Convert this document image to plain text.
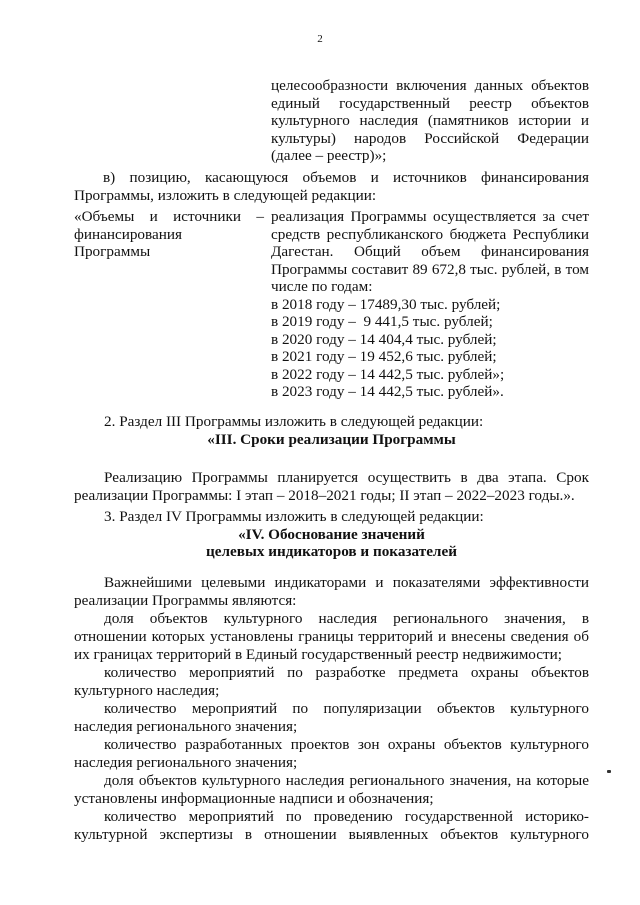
2
целесообразности включения данных объектов
единый государственный реестр объектов
культурного наследия (памятников истории и
культуры) народов Российской Федерации
(далее – реестр)»;
в) позицию, касающуюся объемов и источников финансирования
Программы, изложить в следующей редакции:
«Объемы и источники –
финансирования
Программы
реализация Программы осуществляется за счет
средств республиканского бюджета Республики
Дагестан. Общий объем финансирования
Программы составит 89 672,8 тыс. рублей, в том
числе по годам:
в 2018 году – 17489,30 тыс. рублей;
в 2019 году –  9 441,5 тыс. рублей;
в 2020 году – 14 404,4 тыс. рублей;
в 2021 году – 19 452,6 тыс. рублей;
в 2022 году – 14 442,5 тыс. рублей»;
в 2023 году – 14 442,5 тыс. рублей».
2. Раздел III Программы изложить в следующей редакции:
«III. Сроки реализации Программы
Реализацию Программы планируется осуществить в два этапа. Срок
реализации Программы: I этап – 2018–2021 годы; II этап – 2022–2023 годы.».
3. Раздел IV Программы изложить в следующей редакции:
«IV. Обоснование значений
целевых индикаторов и показателей
Важнейшими целевыми индикаторами и показателями эффективности
реализации Программы являются:
доля объектов культурного наследия регионального значения, в
отношении которых установлены границы территорий и внесены сведения об
их границах территорий в Единый государственный реестр недвижимости;
количество мероприятий по разработке предмета охраны объектов
культурного наследия;
количество мероприятий по популяризации объектов культурного
наследия регионального значения;
количество разработанных проектов зон охраны объектов культурного
наследия регионального значения;
доля объектов культурного наследия регионального значения, на которые
установлены информационные надписи и обозначения;
количество мероприятий по проведению государственной историко-
культурной экспертизы в отношении выявленных объектов культурного
